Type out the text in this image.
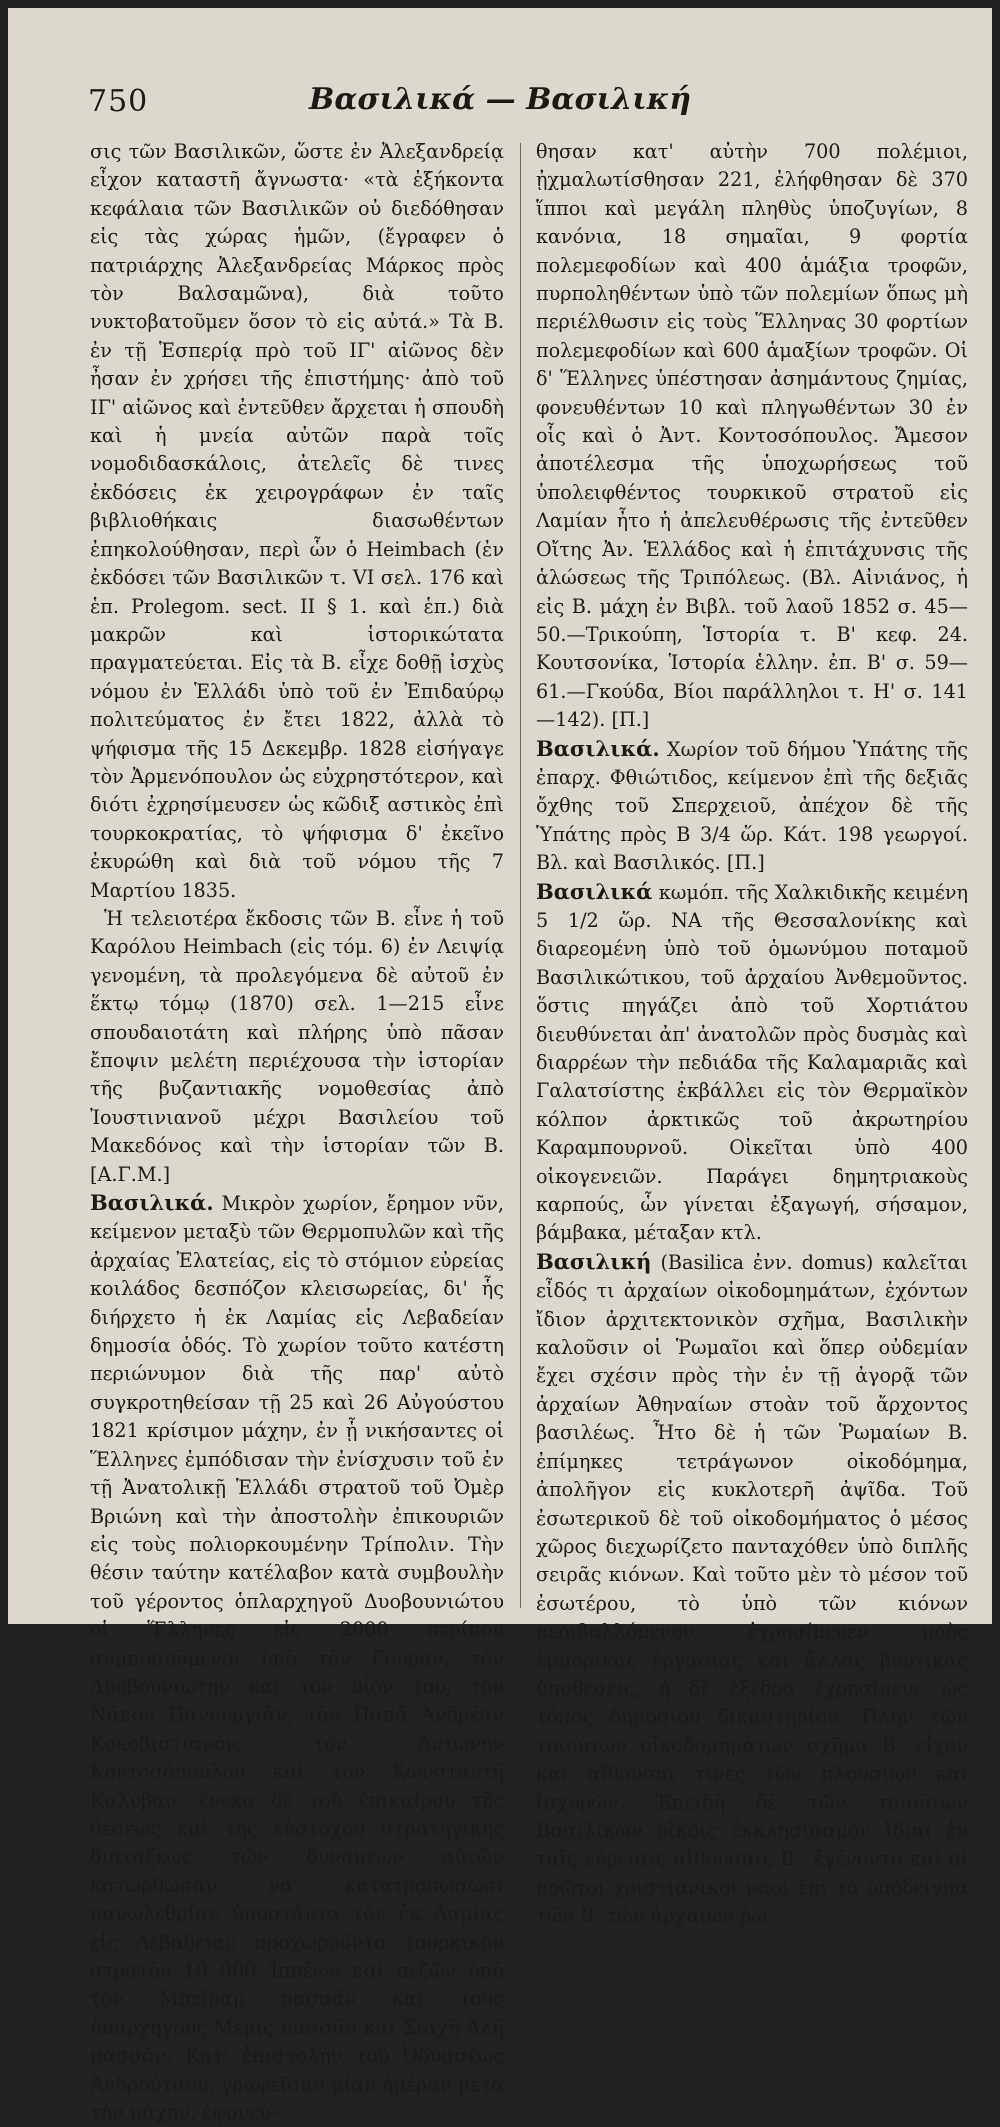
750	Βασιλικά — Βασιλική

σις τῶν Βασιλικῶν, ὥστε ἐν Ἀλεξανδρείᾳ εἶχον καταστῆ ἄγνωστα· «τὰ ἑξήκοντα κεφάλαια τῶν Βασιλικῶν οὐ διεδόθησαν εἰς τὰς χώρας ἡμῶν, (ἔγραφεν ὁ πατριάρχης Ἀλεξανδρείας Μάρκος πρὸς τὸν Βαλσαμῶνα), διὰ τοῦτο νυκτοβατοῦμεν ὅσον τὸ εἰς αὐτά.» Τὰ Β. ἐν τῇ Ἑσπερίᾳ πρὸ τοῦ ΙΓ' αἰῶνος δὲν ἦσαν ἐν χρήσει τῆς ἐπιστήμης· ἀπὸ τοῦ ΙΓ' αἰῶνος καὶ ἐντεῦθεν ἄρχεται ἡ σπουδὴ καὶ ἡ μνεία αὐτῶν παρὰ τοῖς νομοδιδασκάλοις, ἀτελεῖς δὲ τινες ἐκδόσεις ἐκ χειρογράφων ἐν ταῖς βιβλιοθήκαις διασωθέντων ἐπηκολούθησαν, περὶ ὧν ὁ Heimbach (ἐν ἐκδόσει τῶν Βασιλικῶν τ. VI σελ. 176 καὶ ἑπ. Prolegom. sect. II § 1. καὶ ἑπ.) διὰ μακρῶν καὶ ἱστορικώτατα πραγματεύεται. Εἰς τὰ Β. εἶχε δοθῇ ἰσχὺς νόμου ἐν Ἑλλάδι ὑπὸ τοῦ ἐν Ἐπιδαύρῳ πολιτεύματος ἐν ἔτει 1822, ἀλλὰ τὸ ψήφισμα τῆς 15 Δεκεμβρ. 1828 εἰσήγαγε τὸν Ἀρμενόπουλον ὡς εὐχρηστότερον, καὶ διότι ἐχρησίμευσεν ὡς κῶδιξ αστικὸς ἐπὶ τουρκοκρατίας, τὸ ψήφισμα δ' ἐκεῖνο ἐκυρώθη καὶ διὰ τοῦ νόμου τῆς 7 Μαρτίου 1835.

Ἡ τελειοτέρα ἔκδοσις τῶν Β. εἶνε ἡ τοῦ Καρόλου Heimbach (εἰς τόμ. 6) ἐν Λειψίᾳ γενομένη, τὰ προλεγόμενα δὲ αὐτοῦ ἐν ἕκτῳ τόμῳ (1870) σελ. 1—215 εἶνε σπουδαιοτάτη καὶ πλήρης ὑπὸ πᾶσαν ἔποψιν μελέτη περιέχουσα τὴν ἱστορίαν τῆς βυζαντιακῆς νομοθεσίας ἀπὸ Ἰουστινιανοῦ μέχρι Βασιλείου τοῦ Μακεδόνος καὶ τὴν ἱστορίαν τῶν Β. [Α.Γ.Μ.]

Βασιλικά. Μικρὸν χωρίον, ἔρημον νῦν, κείμενον μεταξὺ τῶν Θερμοπυλῶν καὶ τῆς ἀρχαίας Ἐλατείας, εἰς τὸ στόμιον εὐρείας κοιλάδος δεσπόζον κλεισωρείας, δι' ἧς διήρχετο ἡ ἐκ Λαμίας εἰς Λεβαδείαν δημοσία ὁδός. Τὸ χωρίον τοῦτο κατέστη περιώνυμον διὰ τῆς παρ' αὐτὸ συγκροτηθείσαν τῇ 25 καὶ 26 Αὐγούστου 1821 κρίσιμον μάχην, ἐν ᾗ νικήσαντες οἱ Ἕλληνες ἐμπόδισαν τὴν ἐνίσχυσιν τοῦ ἐν τῇ Ἀνατολικῇ Ἑλλάδι στρατοῦ τοῦ Ὀμὲρ Βριώνη καὶ τὴν ἀποστολὴν ἐπικουριῶν εἰς τοὺς πολιορκουμένην Τρίπολιν. Τὴν θέσιν ταύτην κατέλαβον κατὰ συμβουλὴν τοῦ γέροντος ὁπλαρχηγοῦ Δυοβουνιώτου οἱ Ἕλληνες εἰς 2000 περίπου συμποσούμενοι ὑπὸ τὸν Γούραν, τὸν Δυοβουνιώτην καὶ τὸν υἱὸν του, τὸν Νάκον Πανουργιᾶν, τὸν Παπᾶ Ἀνδρέαν Κοκοβιστιανόν, τὸν Ἀντώνην Κοντοσόπουλον καὶ τὸν Κωνσταντῆ Καλύβαν· ἕνεκα δὲ τοῦ ἐπικαίρου τῆς θέσεως καὶ τῆς εὐστόχου στρατηγικῆς διατάξεως τῶν δυνάμεων αὐτῶν κατώρθωσαν να κατατροπώσωσι πανωλεθρίαν ὑποστάντα τὸν ἐκ Λαμίας εἰς Λεβαδείαν προχωροῦντα τουρκικὸν στρατὸν 10 000 Ἱππέων καὶ πεζῶν ὑπὸ τὸν Μπεϊρὰμ πασσᾶν καὶ τοὺς ὑπαρχηγοὺς Μεμὶς πασσᾶν καὶ Σιαχῆ Ἀλῆ πασσᾶν. Κατ' ἐπιστολὴν τοῦ Ὀδυσσέως Ἀνδρούτσου, γραφεῖσαν μίαν ἡμέραν μετὰ τὴν μάχην, ἐφονεύ-

θησαν κατ' αὐτὴν 700 πολέμιοι, ᾐχμαλωτίσθησαν 221, ἐλήφθησαν δὲ 370 ἵπποι καὶ μεγάλη πληθὺς ὑποζυγίων, 8 κανόνια, 18 σημαῖαι, 9 φορτία πολεμεφοδίων καὶ 400 ἁμάξια τροφῶν, πυρποληθέντων ὑπὸ τῶν πολεμίων ὅπως μὴ περιέλθωσιν εἰς τοὺς Ἕλληνας 30 φορτίων πολεμεφοδίων καὶ 600 ἁμαξίων τροφῶν. Οἱ δ' Ἕλληνες ὑπέστησαν ἀσημάντους ζημίας, φονευθέντων 10 καὶ πληγωθέντων 30 ἐν οἷς καὶ ὁ Ἀντ. Κοντοσόπουλος. Ἄμεσον ἀποτέλεσμα τῆς ὑποχωρήσεως τοῦ ὑπολειφθέντος τουρκικοῦ στρατοῦ εἰς Λαμίαν ἦτο ἡ ἀπελευθέρωσις τῆς ἐντεῦθεν Οἴτης Ἀν. Ἑλλάδος καὶ ἡ ἐπιτάχυνσις τῆς ἁλώσεως τῆς Τριπόλεως. (Βλ. Αἰνιάνος, ἡ εἰς Β. μάχη ἐν Βιβλ. τοῦ λαοῦ 1852 σ. 45—50.—Τρικούπη, Ἱστορία τ. Β' κεφ. 24. Κουτσονίκα, Ἱστορία ἑλλην. ἐπ. Β' σ. 59—61.—Γκούδα, Βίοι παράλληλοι τ. Η' σ. 141—142). [Π.]

Βασιλικά. Χωρίον τοῦ δήμου Ὑπάτης τῆς ἐπαρχ. Φθιώτιδος, κείμενον ἐπὶ τῆς δεξιᾶς ὄχθης τοῦ Σπερχειοῦ, ἀπέχον δὲ τῆς Ὑπάτης πρὸς Β 3/4 ὥρ. Κάτ. 198 γεωργοί. Βλ. καὶ Βασιλικός. [Π.]

Βασιλικά κωμόπ. τῆς Χαλκιδικῆς κειμένη 5 1/2 ὥρ. ΝΑ τῆς Θεσσαλονίκης καὶ διαρεομένη ὑπὸ τοῦ ὁμωνύμου ποταμοῦ Βασιλικώτικου, τοῦ ἀρχαίου Ἀνθεμοῦντος. ὅστις πηγάζει ἀπὸ τοῦ Χορτιάτου διευθύνεται ἀπ' ἀνατολῶν πρὸς δυσμὰς καὶ διαρρέων τὴν πεδιάδα τῆς Καλαμαριᾶς καὶ Γαλατσίστης ἐκβάλλει εἰς τὸν Θερμαϊκὸν κόλπον ἀρκτικῶς τοῦ ἀκρωτηρίου Καραμπουρνοῦ. Οἰκεῖται ὑπὸ 400 οἰκογενειῶν. Παράγει δημητριακοὺς καρπούς, ὧν γίνεται ἐξαγωγή, σήσαμον, βάμβακα, μέταξαν κτλ.

Βασιλική (Basilica ἐνν. domus) καλεῖται εἶδός τι ἀρχαίων οἰκοδομημάτων, ἐχόντων ἴδιον ἀρχιτεκτονικὸν σχῆμα, Βασιλικὴν καλοῦσιν οἱ Ῥωμαῖοι καὶ ὅπερ οὐδεμίαν ἔχει σχέσιν πρὸς τὴν ἐν τῇ ἀγορᾷ τῶν ἀρχαίων Ἀθηναίων στοὰν τοῦ ἄρχοντος βασιλέως. Ἦτο δὲ ἡ τῶν Ῥωμαίων Β. ἐπίμηκες τετράγωνον οἰκοδόμημα, ἀπολῆγον εἰς κυκλοτερῆ ἀψῖδα. Τοῦ ἐσωτερικοῦ δὲ τοῦ οἰκοδομήματος ὁ μέσος χῶρος διεχωρίζετο πανταχόθεν ὑπὸ διπλῆς σειρᾶς κιόνων. Καὶ τοῦτο μὲν τὸ μέσον τοῦ ἐσωτέρου, τὸ ὑπὸ τῶν κιόνων περιβαλλόμενον ἐχρησίμευεν πρὸς ἐμπορικὰς ἐργασίας καὶ ἄλλας βιωτικὰς ὑποθέσεις, ἡ δὲ ἐξέδρα ἐχρησίμευε ὡς τόπος δημοσίου δικαστηρίου. Πλὴν τῶν τοιούτων οἰκοδομημάτων σχῆμα Β. εἶχον καὶ αἴθουσαί τινες τῶν πλουσίων καὶ ἰσχυρῶν. Ἐπειδὴ δὲ τῶν τοιούτων Βασιλικῶν οἴκοις ἐκκλησιασμὸν ἴδιαι ἐν ταῖς εὐρείαις αἰθούσαις Β., ἐγένοντο καὶ οἱ πρῶτοι χριστιανικοὶ ναοὶ ἐπὶ τὸ ὑπόδειγμα τῶν Β. τῶν ἀρχαίων ῥω-
